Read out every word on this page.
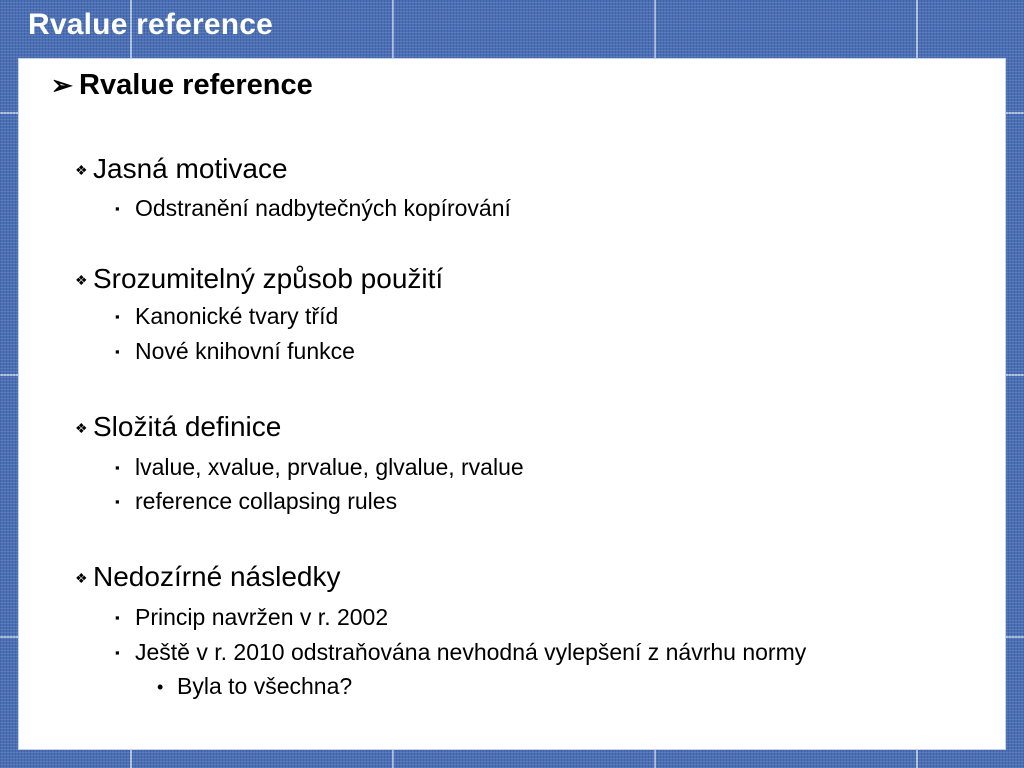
Rvalue reference
➢ Rvalue reference
❖ Jasná motivace
▪ Odstranění nadbytečných kopírování
❖ Srozumitelný způsob použití
▪ Kanonické tvary tříd
▪ Nové knihovní funkce
❖ Složitá definice
▪ lvalue, xvalue, prvalue, glvalue, rvalue
▪ reference collapsing rules
❖ Nedozírné následky
▪ Princip navržen v r. 2002
▪ Ještě v r. 2010 odstraňována nevhodná vylepšení z návrhu normy
• Byla to všechna?
